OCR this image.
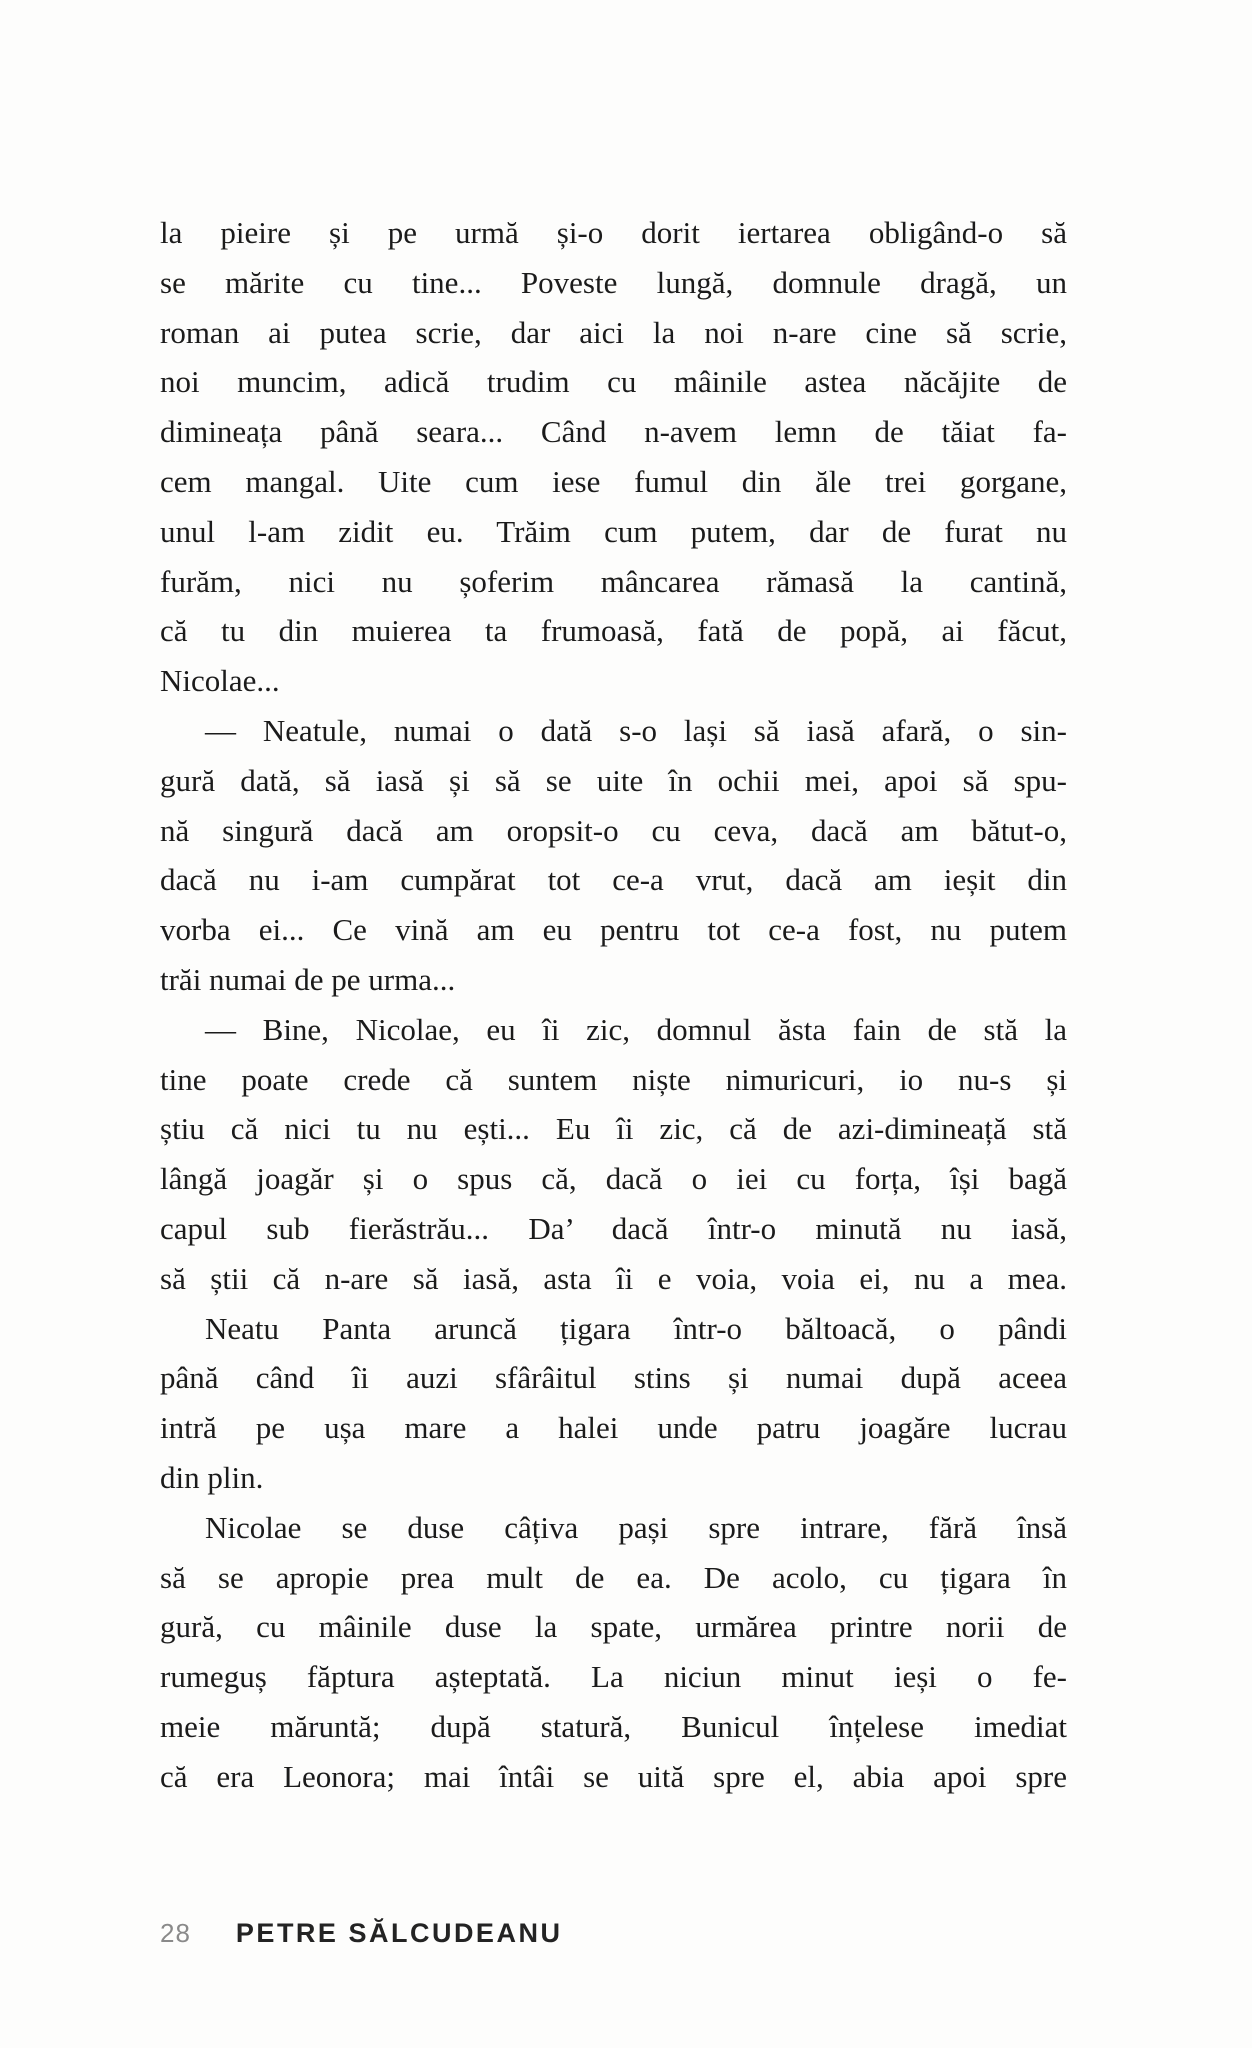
la pieire și pe urmă și-o dorit iertarea obligând-o să
se mărite cu tine... Poveste lungă, domnule dragă, un
roman ai putea scrie, dar aici la noi n-are cine să scrie,
noi muncim, adică trudim cu mâinile astea năcăjite de
dimineața până seara... Când n-avem lemn de tăiat fa-
cem mangal. Uite cum iese fumul din ăle trei gorgane,
unul l-am zidit eu. Trăim cum putem, dar de furat nu
furăm, nici nu șoferim mâncarea rămasă la cantină,
că tu din muierea ta frumoasă, fată de popă, ai făcut,
Nicolae...
— Neatule, numai o dată s-o lași să iasă afară, o sin-
gură dată, să iasă și să se uite în ochii mei, apoi să spu-
nă singură dacă am oropsit-o cu ceva, dacă am bătut-o,
dacă nu i-am cumpărat tot ce-a vrut, dacă am ieșit din
vorba ei... Ce vină am eu pentru tot ce-a fost, nu putem
trăi numai de pe urma...
— Bine, Nicolae, eu îi zic, domnul ăsta fain de stă la
tine poate crede că suntem niște nimuricuri, io nu-s și
știu că nici tu nu ești... Eu îi zic, că de azi-dimineață stă
lângă joagăr și o spus că, dacă o iei cu forța, își bagă
capul sub fierăstrău... Da’ dacă într-o minută nu iasă,
să știi că n-are să iasă, asta îi e voia, voia ei, nu a mea.
Neatu Panta aruncă țigara într-o băltoacă, o pândi
până când îi auzi sfârâitul stins și numai după aceea
intră pe ușa mare a halei unde patru joagăre lucrau
din plin.
Nicolae se duse câțiva pași spre intrare, fără însă
să se apropie prea mult de ea. De acolo, cu țigara în
gură, cu mâinile duse la spate, urmărea printre norii de
rumeguș făptura așteptată. La niciun minut ieși o fe-
meie măruntă; după statură, Bunicul înțelese imediat
că era Leonora; mai întâi se uită spre el, abia apoi spre
28 PETRE SĂLCUDEANU
